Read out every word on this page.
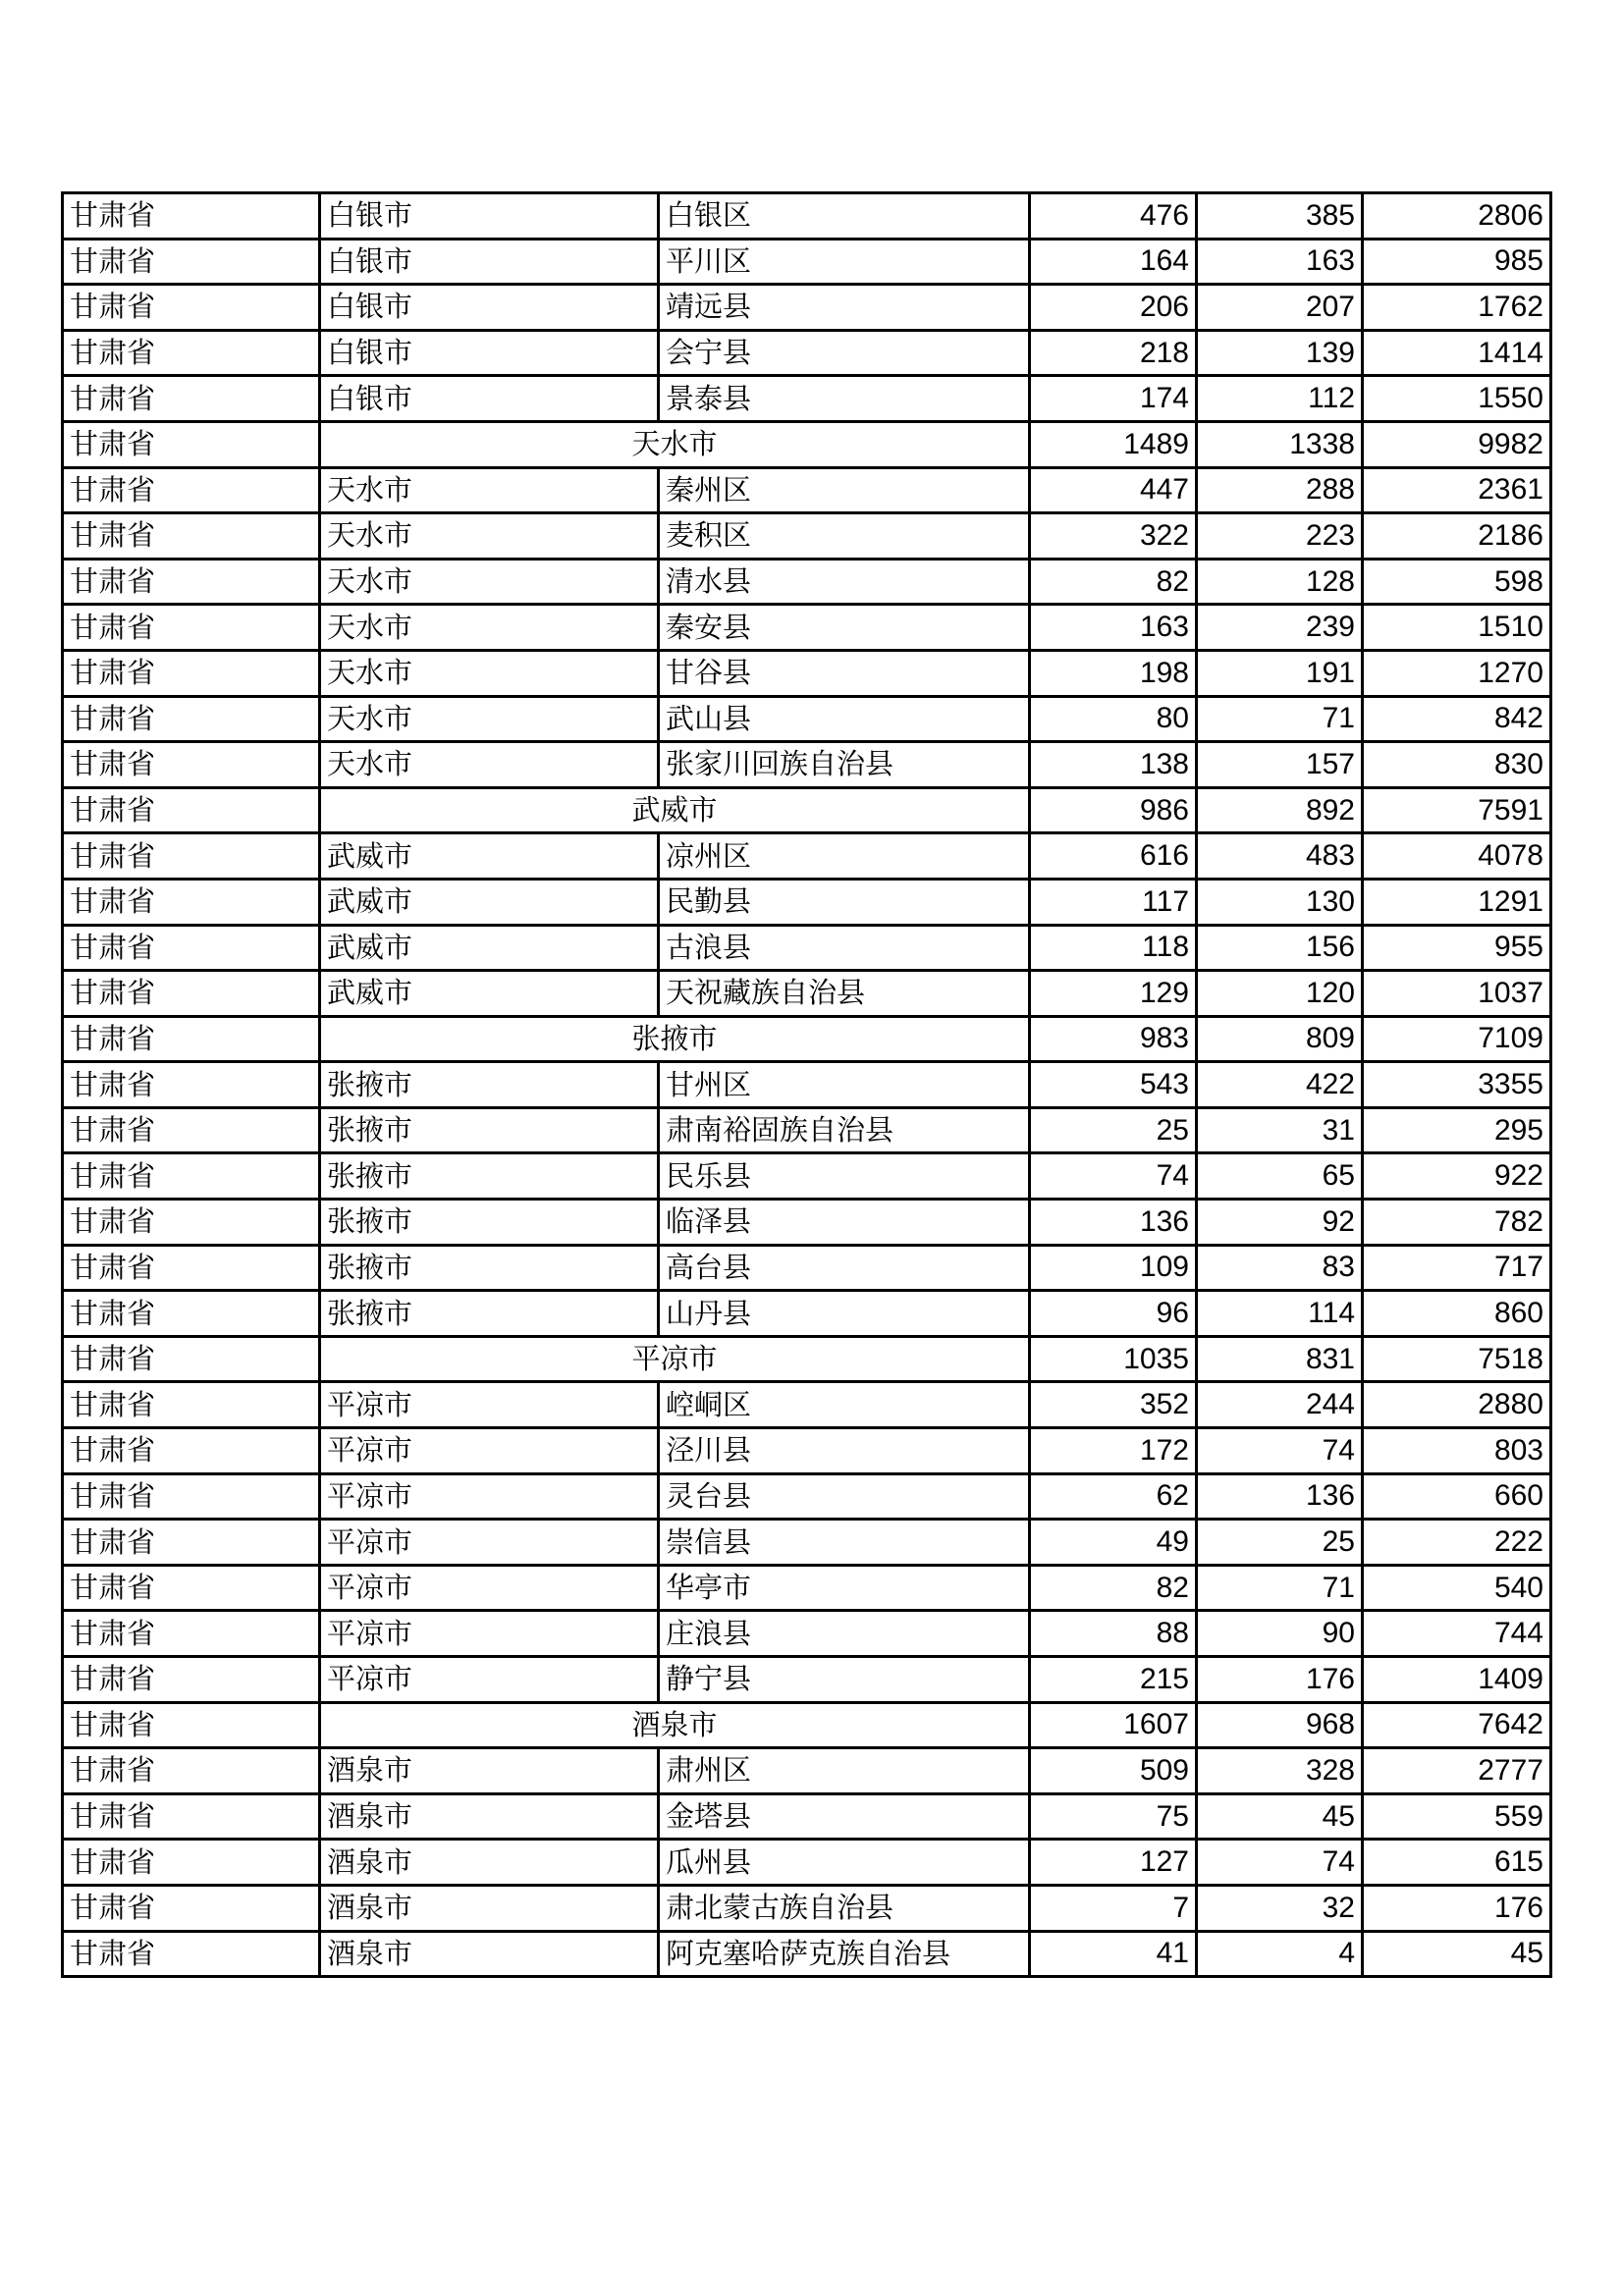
甘肃省	白银市	白银区	476	385	2806
甘肃省	白银市	平川区	164	163	985
甘肃省	白银市	靖远县	206	207	1762
甘肃省	白银市	会宁县	218	139	1414
甘肃省	白银市	景泰县	174	112	1550
甘肃省	天水市		1489	1338	9982
甘肃省	天水市	秦州区	447	288	2361
甘肃省	天水市	麦积区	322	223	2186
甘肃省	天水市	清水县	82	128	598
甘肃省	天水市	秦安县	163	239	1510
甘肃省	天水市	甘谷县	198	191	1270
甘肃省	天水市	武山县	80	71	842
甘肃省	天水市	张家川回族自治县	138	157	830
甘肃省	武威市		986	892	7591
甘肃省	武威市	凉州区	616	483	4078
甘肃省	武威市	民勤县	117	130	1291
甘肃省	武威市	古浪县	118	156	955
甘肃省	武威市	天祝藏族自治县	129	120	1037
甘肃省	张掖市		983	809	7109
甘肃省	张掖市	甘州区	543	422	3355
甘肃省	张掖市	肃南裕固族自治县	25	31	295
甘肃省	张掖市	民乐县	74	65	922
甘肃省	张掖市	临泽县	136	92	782
甘肃省	张掖市	高台县	109	83	717
甘肃省	张掖市	山丹县	96	114	860
甘肃省	平凉市		1035	831	7518
甘肃省	平凉市	崆峒区	352	244	2880
甘肃省	平凉市	泾川县	172	74	803
甘肃省	平凉市	灵台县	62	136	660
甘肃省	平凉市	崇信县	49	25	222
甘肃省	平凉市	华亭市	82	71	540
甘肃省	平凉市	庄浪县	88	90	744
甘肃省	平凉市	静宁县	215	176	1409
甘肃省	酒泉市		1607	968	7642
甘肃省	酒泉市	肃州区	509	328	2777
甘肃省	酒泉市	金塔县	75	45	559
甘肃省	酒泉市	瓜州县	127	74	615
甘肃省	酒泉市	肃北蒙古族自治县	7	32	176
甘肃省	酒泉市	阿克塞哈萨克族自治县	41	4	45
